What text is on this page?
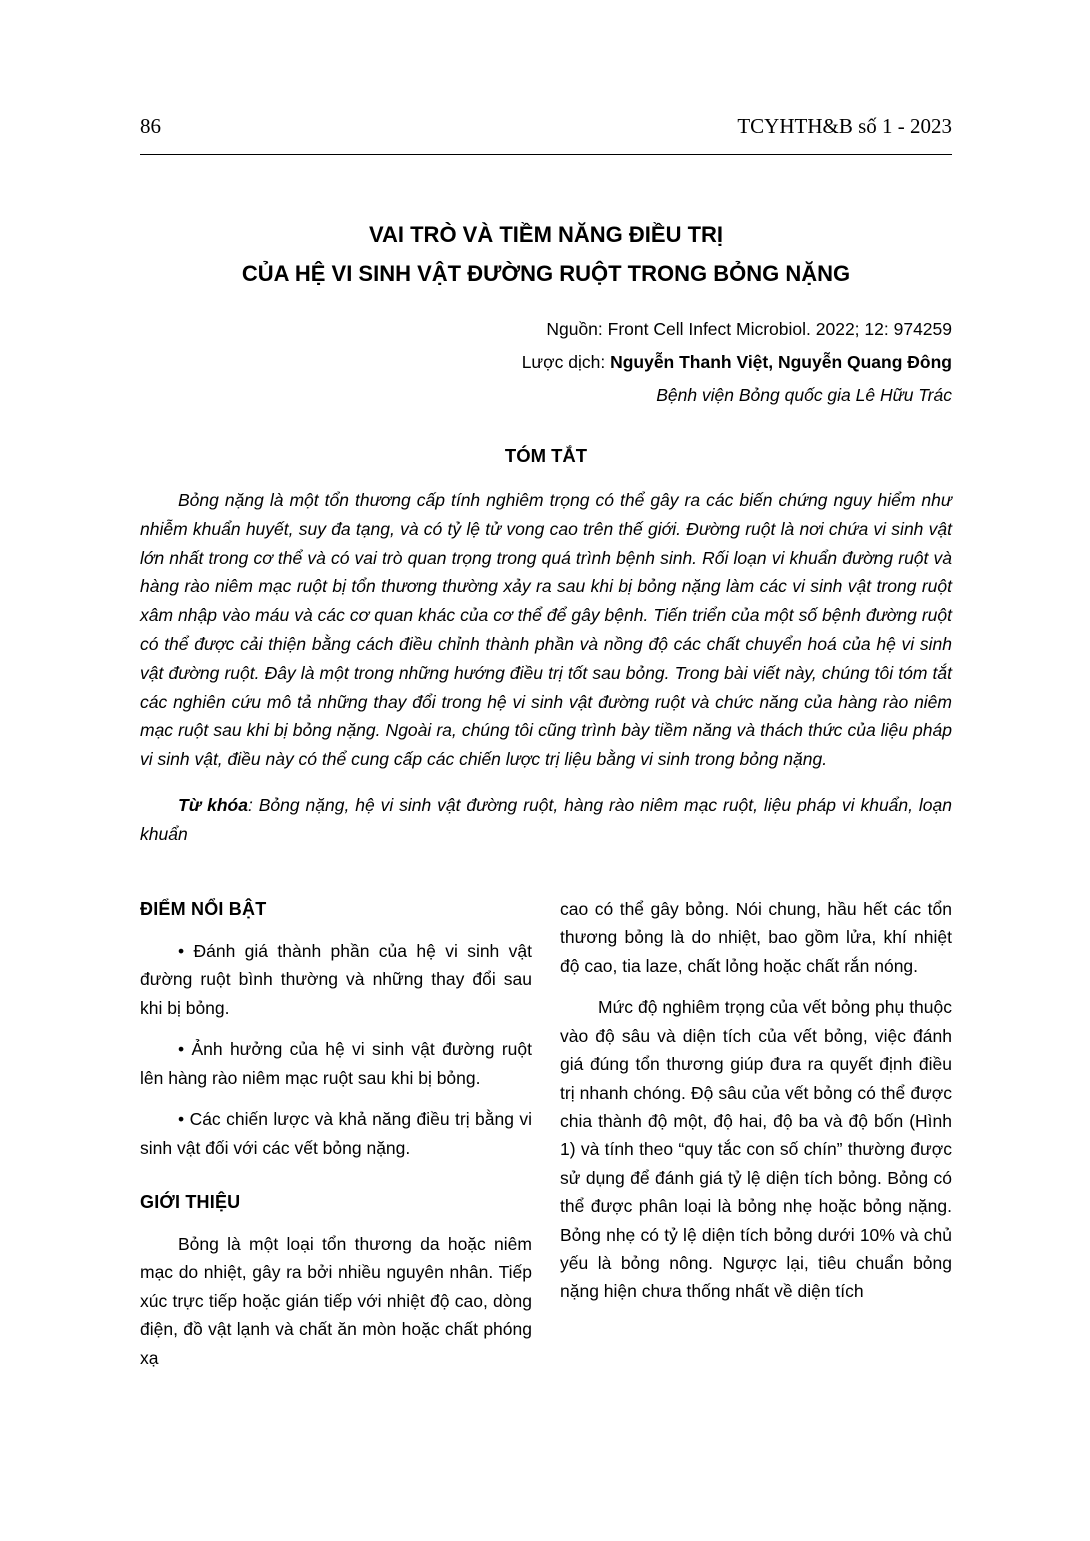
86	TCYHTH&B số 1 - 2023
VAI TRÒ VÀ TIỀM NĂNG ĐIỀU TRỊ
CỦA HỆ VI SINH VẬT ĐƯỜNG RUỘT TRONG BỎNG NẶNG
Nguồn: Front Cell Infect Microbiol. 2022; 12: 974259
Lược dịch: Nguyễn Thanh Việt, Nguyễn Quang Đông
Bệnh viện Bỏng quốc gia Lê Hữu Trác
TÓM TẮT

Bỏng nặng là một tổn thương cấp tính nghiêm trọng có thể gây ra các biến chứng nguy hiểm như nhiễm khuẩn huyết, suy đa tạng, và có tỷ lệ tử vong cao trên thế giới. Đường ruột là nơi chứa vi sinh vật lớn nhất trong cơ thể và có vai trò quan trọng trong quá trình bệnh sinh. Rối loạn vi khuẩn đường ruột và hàng rào niêm mạc ruột bị tổn thương thường xảy ra sau khi bị bỏng nặng làm các vi sinh vật trong ruột xâm nhập vào máu và các cơ quan khác của cơ thể để gây bệnh. Tiến triển của một số bệnh đường ruột có thể được cải thiện bằng cách điều chỉnh thành phần và nồng độ các chất chuyển hoá của hệ vi sinh vật đường ruột. Đây là một trong những hướng điều trị tốt sau bỏng. Trong bài viết này, chúng tôi tóm tắt các nghiên cứu mô tả những thay đổi trong hệ vi sinh vật đường ruột và chức năng của hàng rào niêm mạc ruột sau khi bị bỏng nặng. Ngoài ra, chúng tôi cũng trình bày tiềm năng và thách thức của liệu pháp vi sinh vật, điều này có thể cung cấp các chiến lược trị liệu bằng vi sinh trong bỏng nặng.

Từ khóa: Bỏng nặng, hệ vi sinh vật đường ruột, hàng rào niêm mạc ruột, liệu pháp vi khuẩn, loạn khuẩn

ĐIỂM NỔI BẬT

• Đánh giá thành phần của hệ vi sinh vật đường ruột bình thường và những thay đổi sau khi bị bỏng.

• Ảnh hưởng của hệ vi sinh vật đường ruột lên hàng rào niêm mạc ruột sau khi bị bỏng.

• Các chiến lược và khả năng điều trị bằng vi sinh vật đối với các vết bỏng nặng.

GIỚI THIỆU

Bỏng là một loại tổn thương da hoặc niêm mạc do nhiệt, gây ra bởi nhiều nguyên nhân. Tiếp xúc trực tiếp hoặc gián tiếp với nhiệt độ cao, dòng điện, đồ vật lạnh và chất ăn mòn hoặc chất phóng xạ

cao có thể gây bỏng. Nói chung, hầu hết các tổn thương bỏng là do nhiệt, bao gồm lửa, khí nhiệt độ cao, tia laze, chất lỏng hoặc chất rắn nóng.

Mức độ nghiêm trọng của vết bỏng phụ thuộc vào độ sâu và diện tích của vết bỏng, việc đánh giá đúng tổn thương giúp đưa ra quyết định điều trị nhanh chóng. Độ sâu của vết bỏng có thể được chia thành độ một, độ hai, độ ba và độ bốn (Hình 1) và tính theo “quy tắc con số chín” thường được sử dụng để đánh giá tỷ lệ diện tích bỏng. Bỏng có thể được phân loại là bỏng nhẹ hoặc bỏng nặng. Bỏng nhẹ có tỷ lệ diện tích bỏng dưới 10% và chủ yếu là bỏng nông. Ngược lại, tiêu chuẩn bỏng nặng hiện chưa thống nhất về diện tích
